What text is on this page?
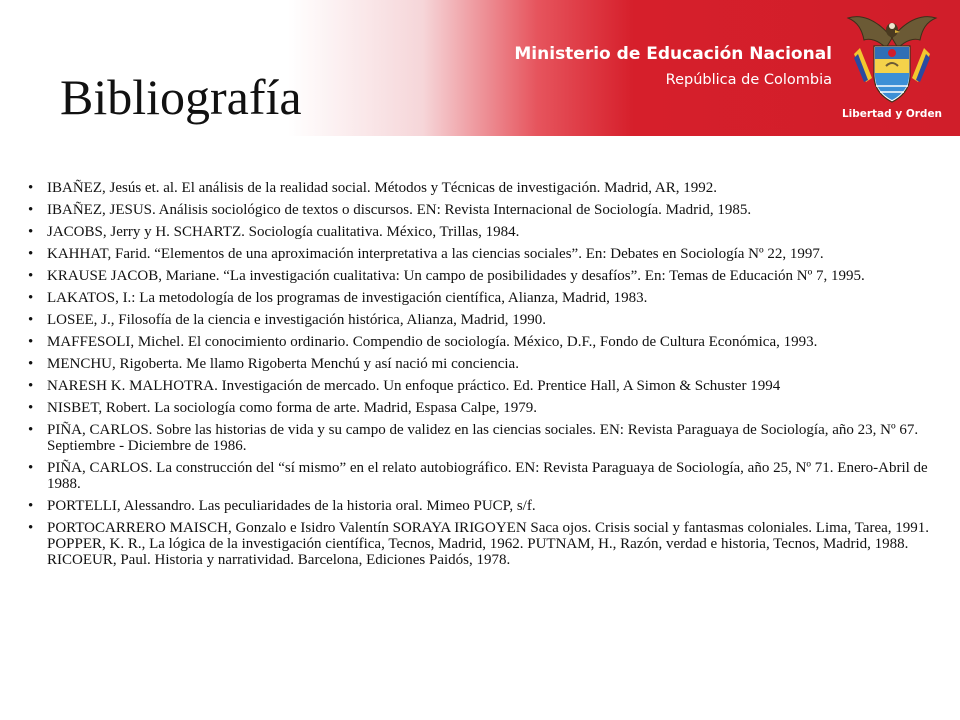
Ministerio de Educación Nacional
República de Colombia
Libertad y Orden
Bibliografía
• IBAÑEZ, Jesús et. al. El análisis de la realidad social. Métodos y Técnicas de investigación. Madrid, AR, 1992.
• IBAÑEZ, JESUS. Análisis sociológico de textos o discursos. EN: Revista Internacional de Sociología. Madrid, 1985.
• JACOBS, Jerry y H. SCHARTZ. Sociología cualitativa. México, Trillas, 1984.
• KAHHAT, Farid. “Elementos de una aproximación interpretativa a las ciencias sociales”. En: Debates en Sociología Nº 22, 1997.
• KRAUSE JACOB, Mariane. “La investigación cualitativa: Un campo de posibilidades y desafíos”. En: Temas de Educación Nº 7, 1995.
• LAKATOS, I.: La metodología de los programas de investigación científica, Alianza, Madrid, 1983.
• LOSEE, J., Filosofía de la ciencia e investigación histórica, Alianza, Madrid, 1990.
• MAFFESOLI, Michel. El conocimiento ordinario. Compendio de sociología. México, D.F., Fondo de Cultura Económica, 1993.
• MENCHU, Rigoberta. Me llamo Rigoberta Menchú y así nació mi conciencia.
• NARESH K. MALHOTRA. Investigación de mercado. Un enfoque práctico. Ed. Prentice Hall, A Simon & Schuster 1994
• NISBET, Robert. La sociología como forma de arte. Madrid, Espasa Calpe, 1979.
• PIÑA, CARLOS. Sobre las historias de vida y su campo de validez en las ciencias sociales. EN: Revista Paraguaya de Sociología, año 23, Nº 67. Septiembre - Diciembre de 1986.
• PIÑA, CARLOS. La construcción del “sí mismo” en el relato autobiográfico. EN: Revista Paraguaya de Sociología, año 25, Nº 71. Enero-Abril de 1988.
• PORTELLI, Alessandro. Las peculiaridades de la historia oral. Mimeo PUCP, s/f.
• PORTOCARRERO MAISCH, Gonzalo e Isidro Valentín SORAYA IRIGOYEN Saca ojos. Crisis social y fantasmas coloniales. Lima, Tarea, 1991. POPPER, K. R., La lógica de la investigación científica, Tecnos, Madrid, 1962. PUTNAM, H., Razón, verdad e historia, Tecnos, Madrid, 1988. RICOEUR, Paul. Historia y narratividad. Barcelona, Ediciones Paidós, 1978.
